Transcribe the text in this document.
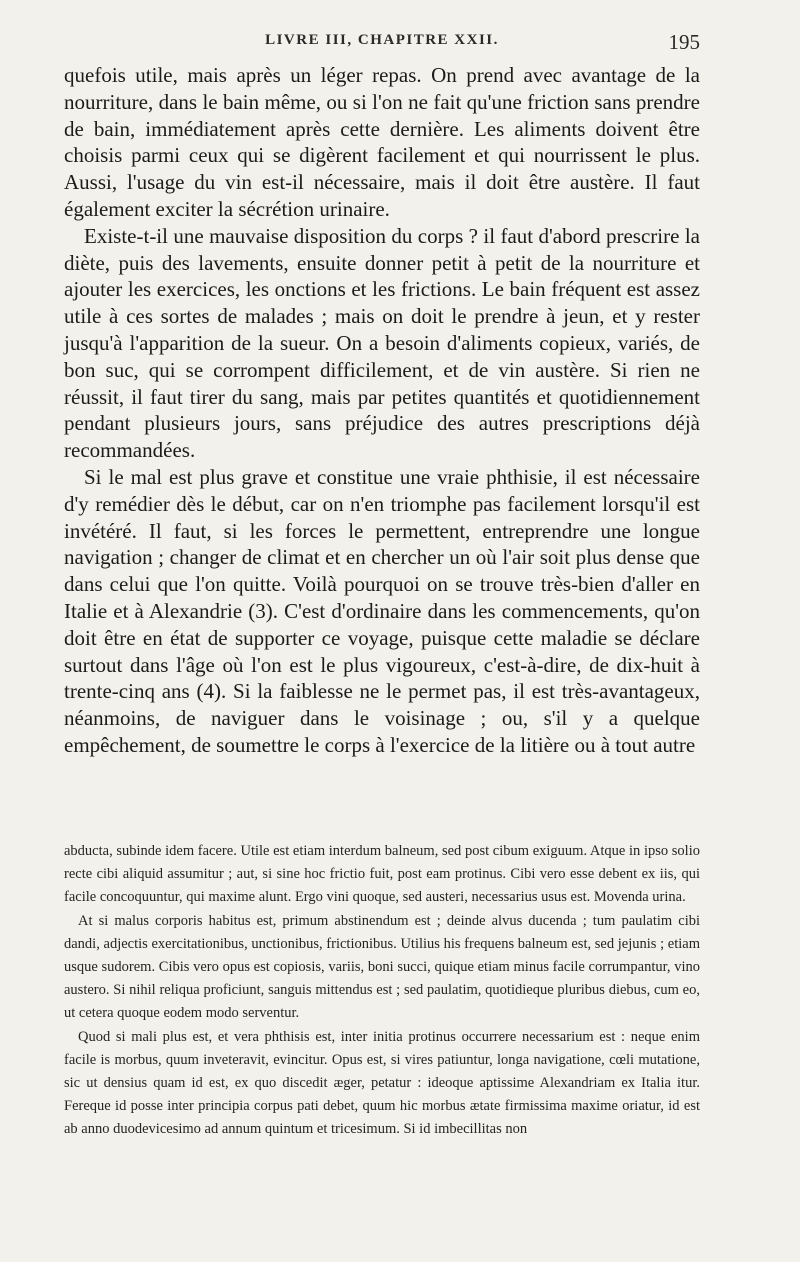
LIVRE III, CHAPITRE XXII.	195

quefois utile, mais après un léger repas. On prend avec avantage de la nourriture, dans le bain même, ou si l'on ne fait qu'une friction sans prendre de bain, immédiatement après cette dernière. Les aliments doivent être choisis parmi ceux qui se digèrent facilement et qui nourrissent le plus. Aussi, l'usage du vin est-il nécessaire, mais il doit être austère. Il faut également exciter la sécrétion urinaire.

Existe-t-il une mauvaise disposition du corps ? il faut d'abord prescrire la diète, puis des lavements, ensuite donner petit à petit de la nourriture et ajouter les exercices, les onctions et les frictions. Le bain fréquent est assez utile à ces sortes de malades ; mais on doit le prendre à jeun, et y rester jusqu'à l'apparition de la sueur. On a besoin d'aliments copieux, variés, de bon suc, qui se corrompent difficilement, et de vin austère. Si rien ne réussit, il faut tirer du sang, mais par petites quantités et quotidiennement pendant plusieurs jours, sans préjudice des autres prescriptions déjà recommandées.

Si le mal est plus grave et constitue une vraie phthisie, il est nécessaire d'y remédier dès le début, car on n'en triomphe pas facilement lorsqu'il est invétéré. Il faut, si les forces le permettent, entreprendre une longue navigation ; changer de climat et en chercher un où l'air soit plus dense que dans celui que l'on quitte. Voilà pourquoi on se trouve très-bien d'aller en Italie et à Alexandrie (3). C'est d'ordinaire dans les commencements, qu'on doit être en état de supporter ce voyage, puisque cette maladie se déclare surtout dans l'âge où l'on est le plus vigoureux, c'est-à-dire, de dix-huit à trente-cinq ans (4). Si la faiblesse ne le permet pas, il est très-avantageux, néanmoins, de naviguer dans le voisinage ; ou, s'il y a quelque empêchement, de soumettre le corps à l'exercice de la litière ou à tout autre

abducta, subinde idem facere. Utile est etiam interdum balneum, sed post cibum exiguum. Atque in ipso solio recte cibi aliquid assumitur ; aut, si sine hoc frictio fuit, post eam protinus. Cibi vero esse debent ex iis, qui facile concoquuntur, qui maxime alunt. Ergo vini quoque, sed austeri, necessarius usus est. Movenda urina.

At si malus corporis habitus est, primum abstinendum est ; deinde alvus ducenda ; tum paulatim cibi dandi, adjectis exercitationibus, unctionibus, frictionibus. Utilius his frequens balneum est, sed jejunis ; etiam usque sudorem. Cibis vero opus est copiosis, variis, boni succi, quique etiam minus facile corrumpantur, vino austero. Si nihil reliqua proficiunt, sanguis mittendus est ; sed paulatim, quotidieque pluribus diebus, cum eo, ut cetera quoque eodem modo serventur.

Quod si mali plus est, et vera phthisis est, inter initia protinus occurrere necessarium est : neque enim facile is morbus, quum inveteravit, evincitur. Opus est, si vires patiuntur, longa navigatione, cœli mutatione, sic ut densius quam id est, ex quo discedit æger, petatur : ideoque aptissime Alexandriam ex Italia itur. Fereque id posse inter principia corpus pati debet, quum hic morbus ætate firmissima maxime oriatur, id est ab anno duodevicesimo ad annum quintum et tricesimum. Si id imbecillitas non
